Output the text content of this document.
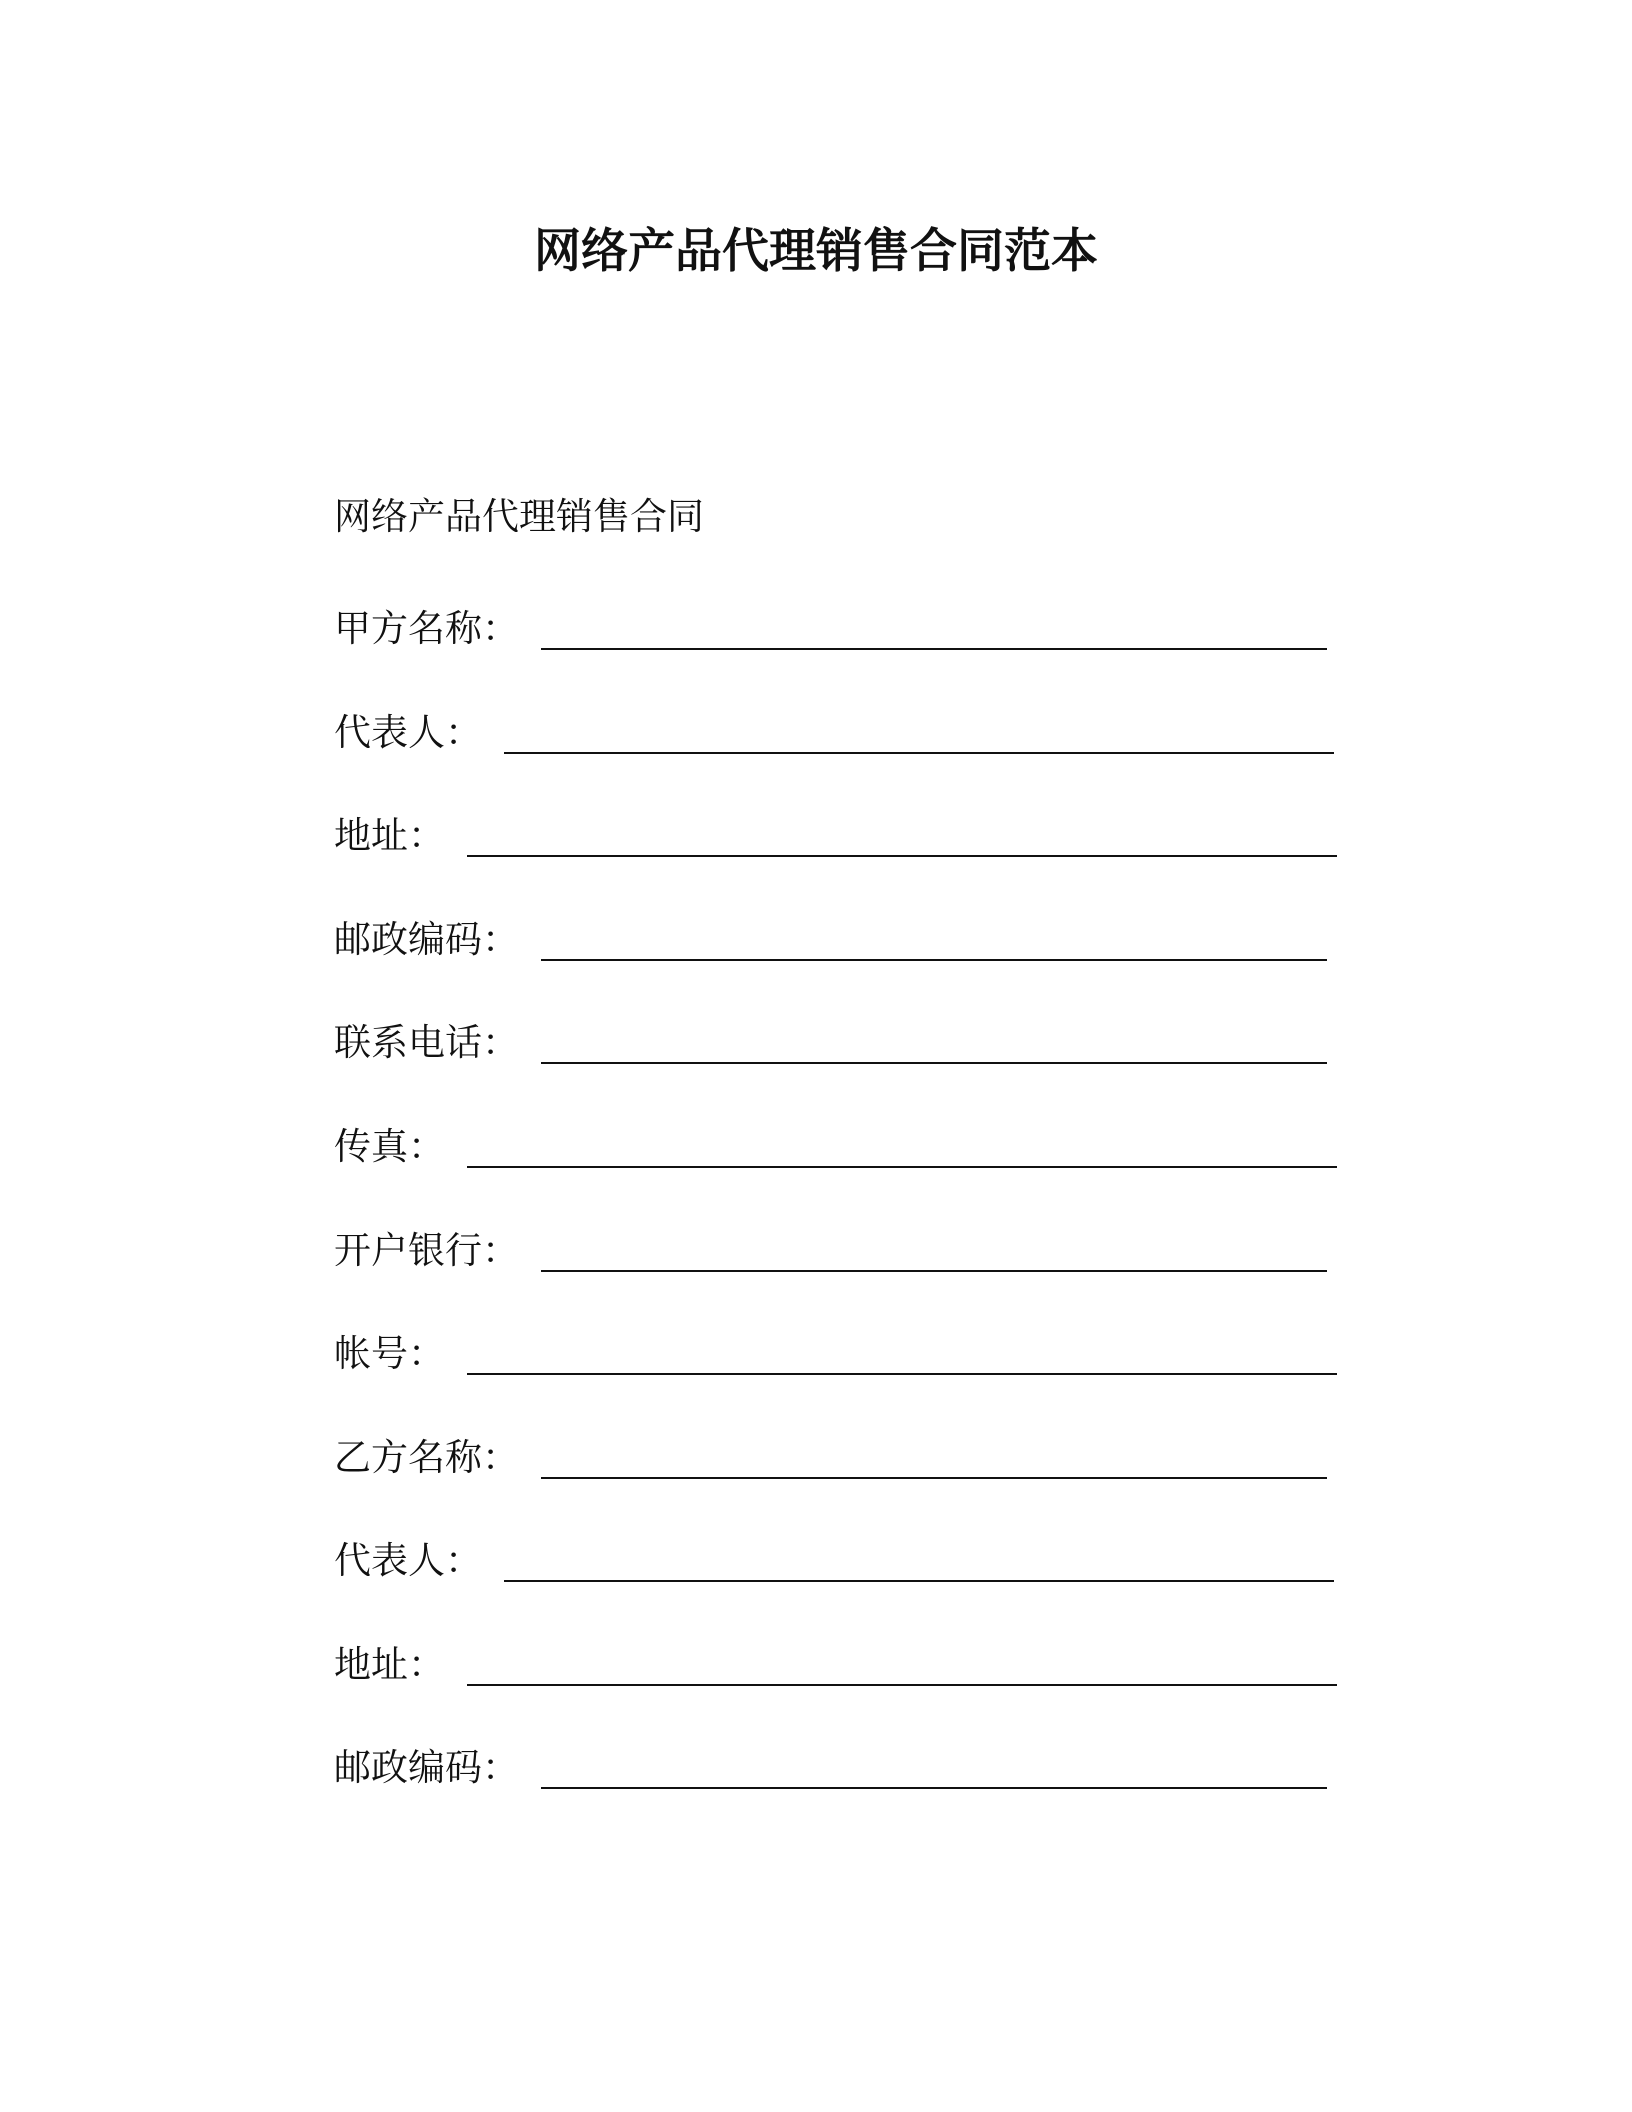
网络产品代理销售合同范本
网络产品代理销售合同
甲方名称：
代表人：
地址：
邮政编码：
联系电话：
传真：
开户银行：
帐号：
乙方名称：
代表人：
地址：
邮政编码：
